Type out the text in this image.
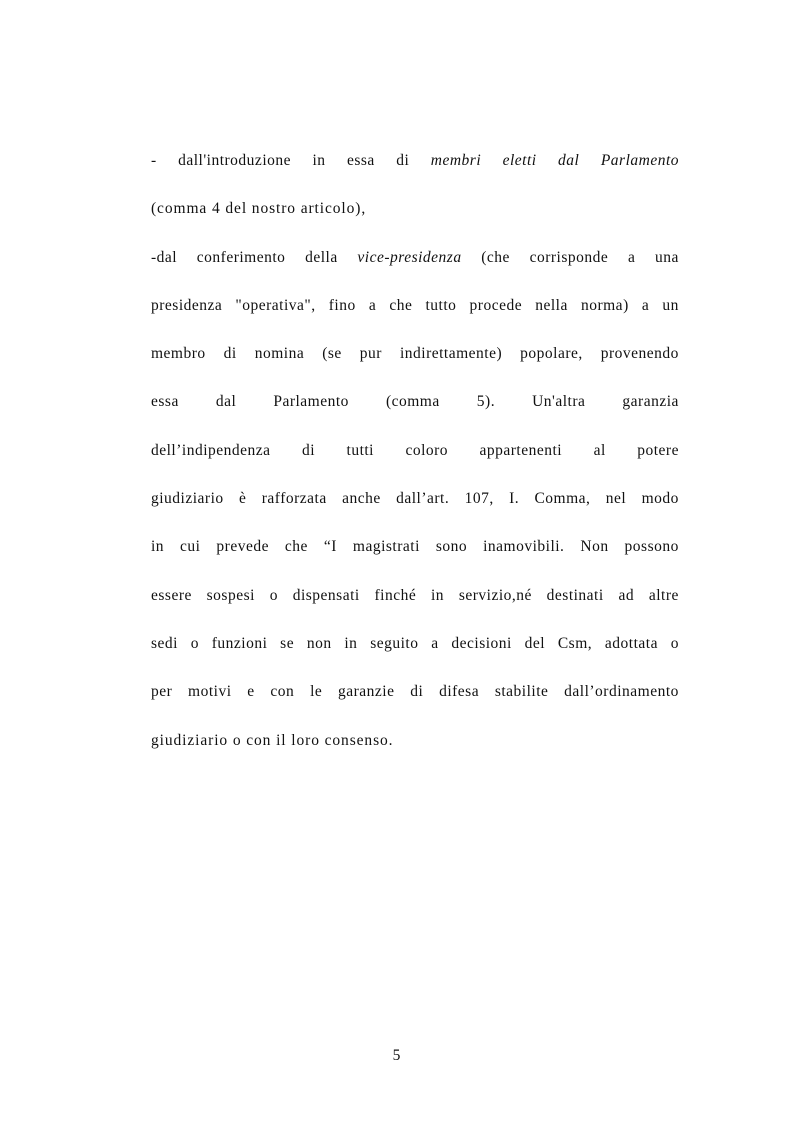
- dall'introduzione in essa di membri eletti dal Parlamento
(comma 4 del nostro articolo),
-dal conferimento della vice-presidenza (che corrisponde a una
presidenza "operativa", fino a che tutto procede nella norma) a un
membro di nomina (se pur indirettamente) popolare, provenendo
essa dal Parlamento (comma 5). Un'altra garanzia
dell’indipendenza di tutti coloro appartenenti al potere
giudiziario è rafforzata anche dall’art. 107, I. Comma, nel modo
in cui prevede che “I magistrati sono inamovibili. Non possono
essere sospesi o dispensati finché in servizio,né destinati ad altre
sedi o funzioni se non in seguito a decisioni del Csm, adottata o
per motivi e con le garanzie di difesa stabilite dall’ordinamento
giudiziario o con il loro consenso.
5
